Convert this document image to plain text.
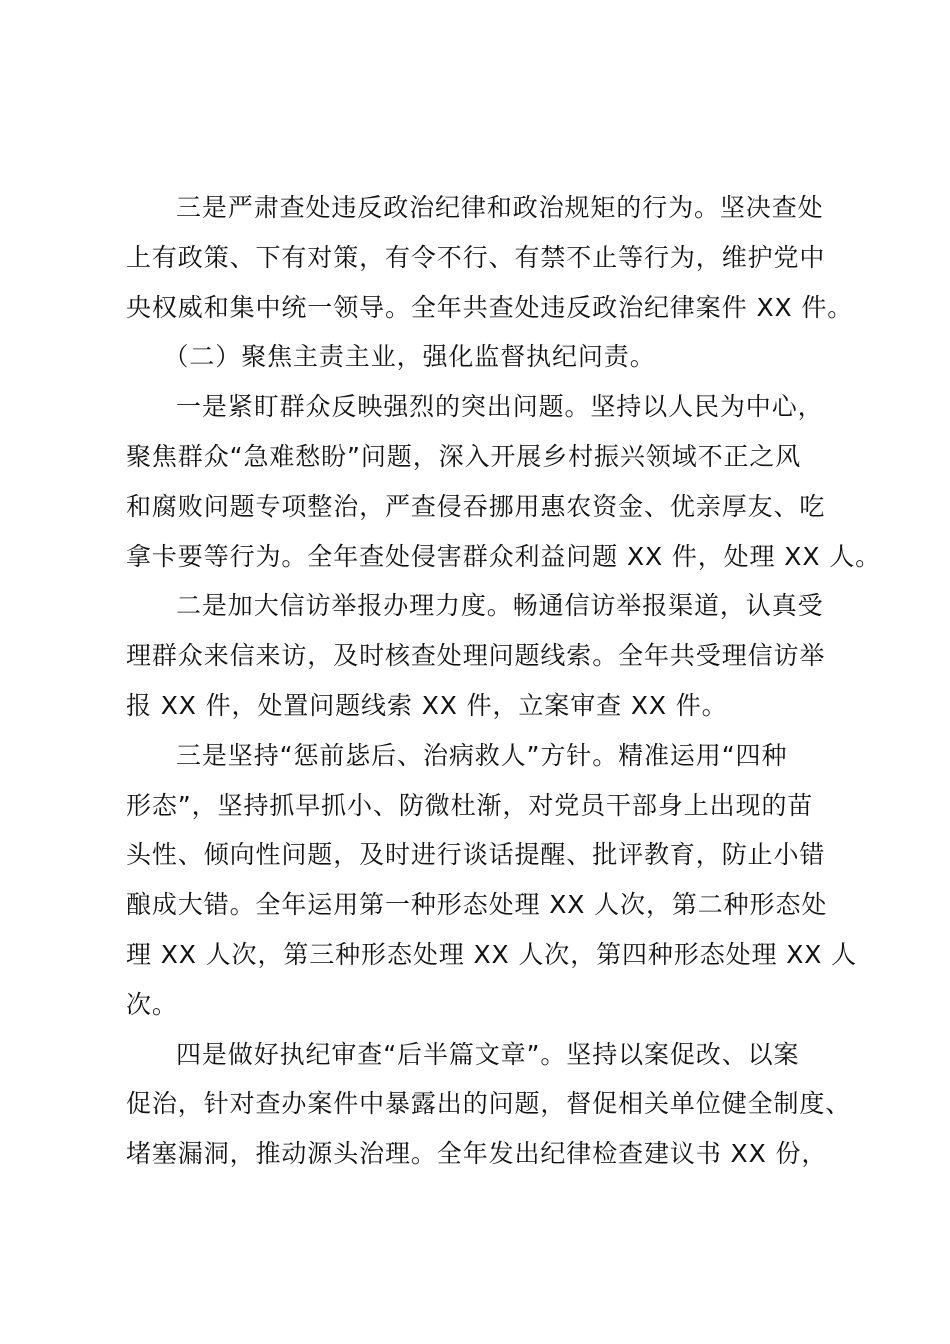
三是严肃查处违反政治纪律和政治规矩的行为。坚决查处
上有政策、下有对策，有令不行、有禁不止等行为，维护党中
央权威和集中统一领导。全年共查处违反政治纪律案件 XX 件。

（二）聚焦主责主业，强化监督执纪问责。

一是紧盯群众反映强烈的突出问题。坚持以人民为中心，
聚焦群众“急难愁盼”问题，深入开展乡村振兴领域不正之风
和腐败问题专项整治，严查侵吞挪用惠农资金、优亲厚友、吃
拿卡要等行为。全年查处侵害群众利益问题 XX 件，处理 XX 人。

二是加大信访举报办理力度。畅通信访举报渠道，认真受
理群众来信来访，及时核查处理问题线索。全年共受理信访举
报 XX 件，处置问题线索 XX 件，立案审查 XX 件。

三是坚持“惩前毖后、治病救人”方针。精准运用“四种
形态”，坚持抓早抓小、防微杜渐，对党员干部身上出现的苗
头性、倾向性问题，及时进行谈话提醒、批评教育，防止小错
酿成大错。全年运用第一种形态处理 XX 人次，第二种形态处
理 XX 人次，第三种形态处理 XX 人次，第四种形态处理 XX 人
次。

四是做好执纪审查“后半篇文章”。坚持以案促改、以案
促治，针对查办案件中暴露出的问题，督促相关单位健全制度、
堵塞漏洞，推动源头治理。全年发出纪律检查建议书 XX 份，
